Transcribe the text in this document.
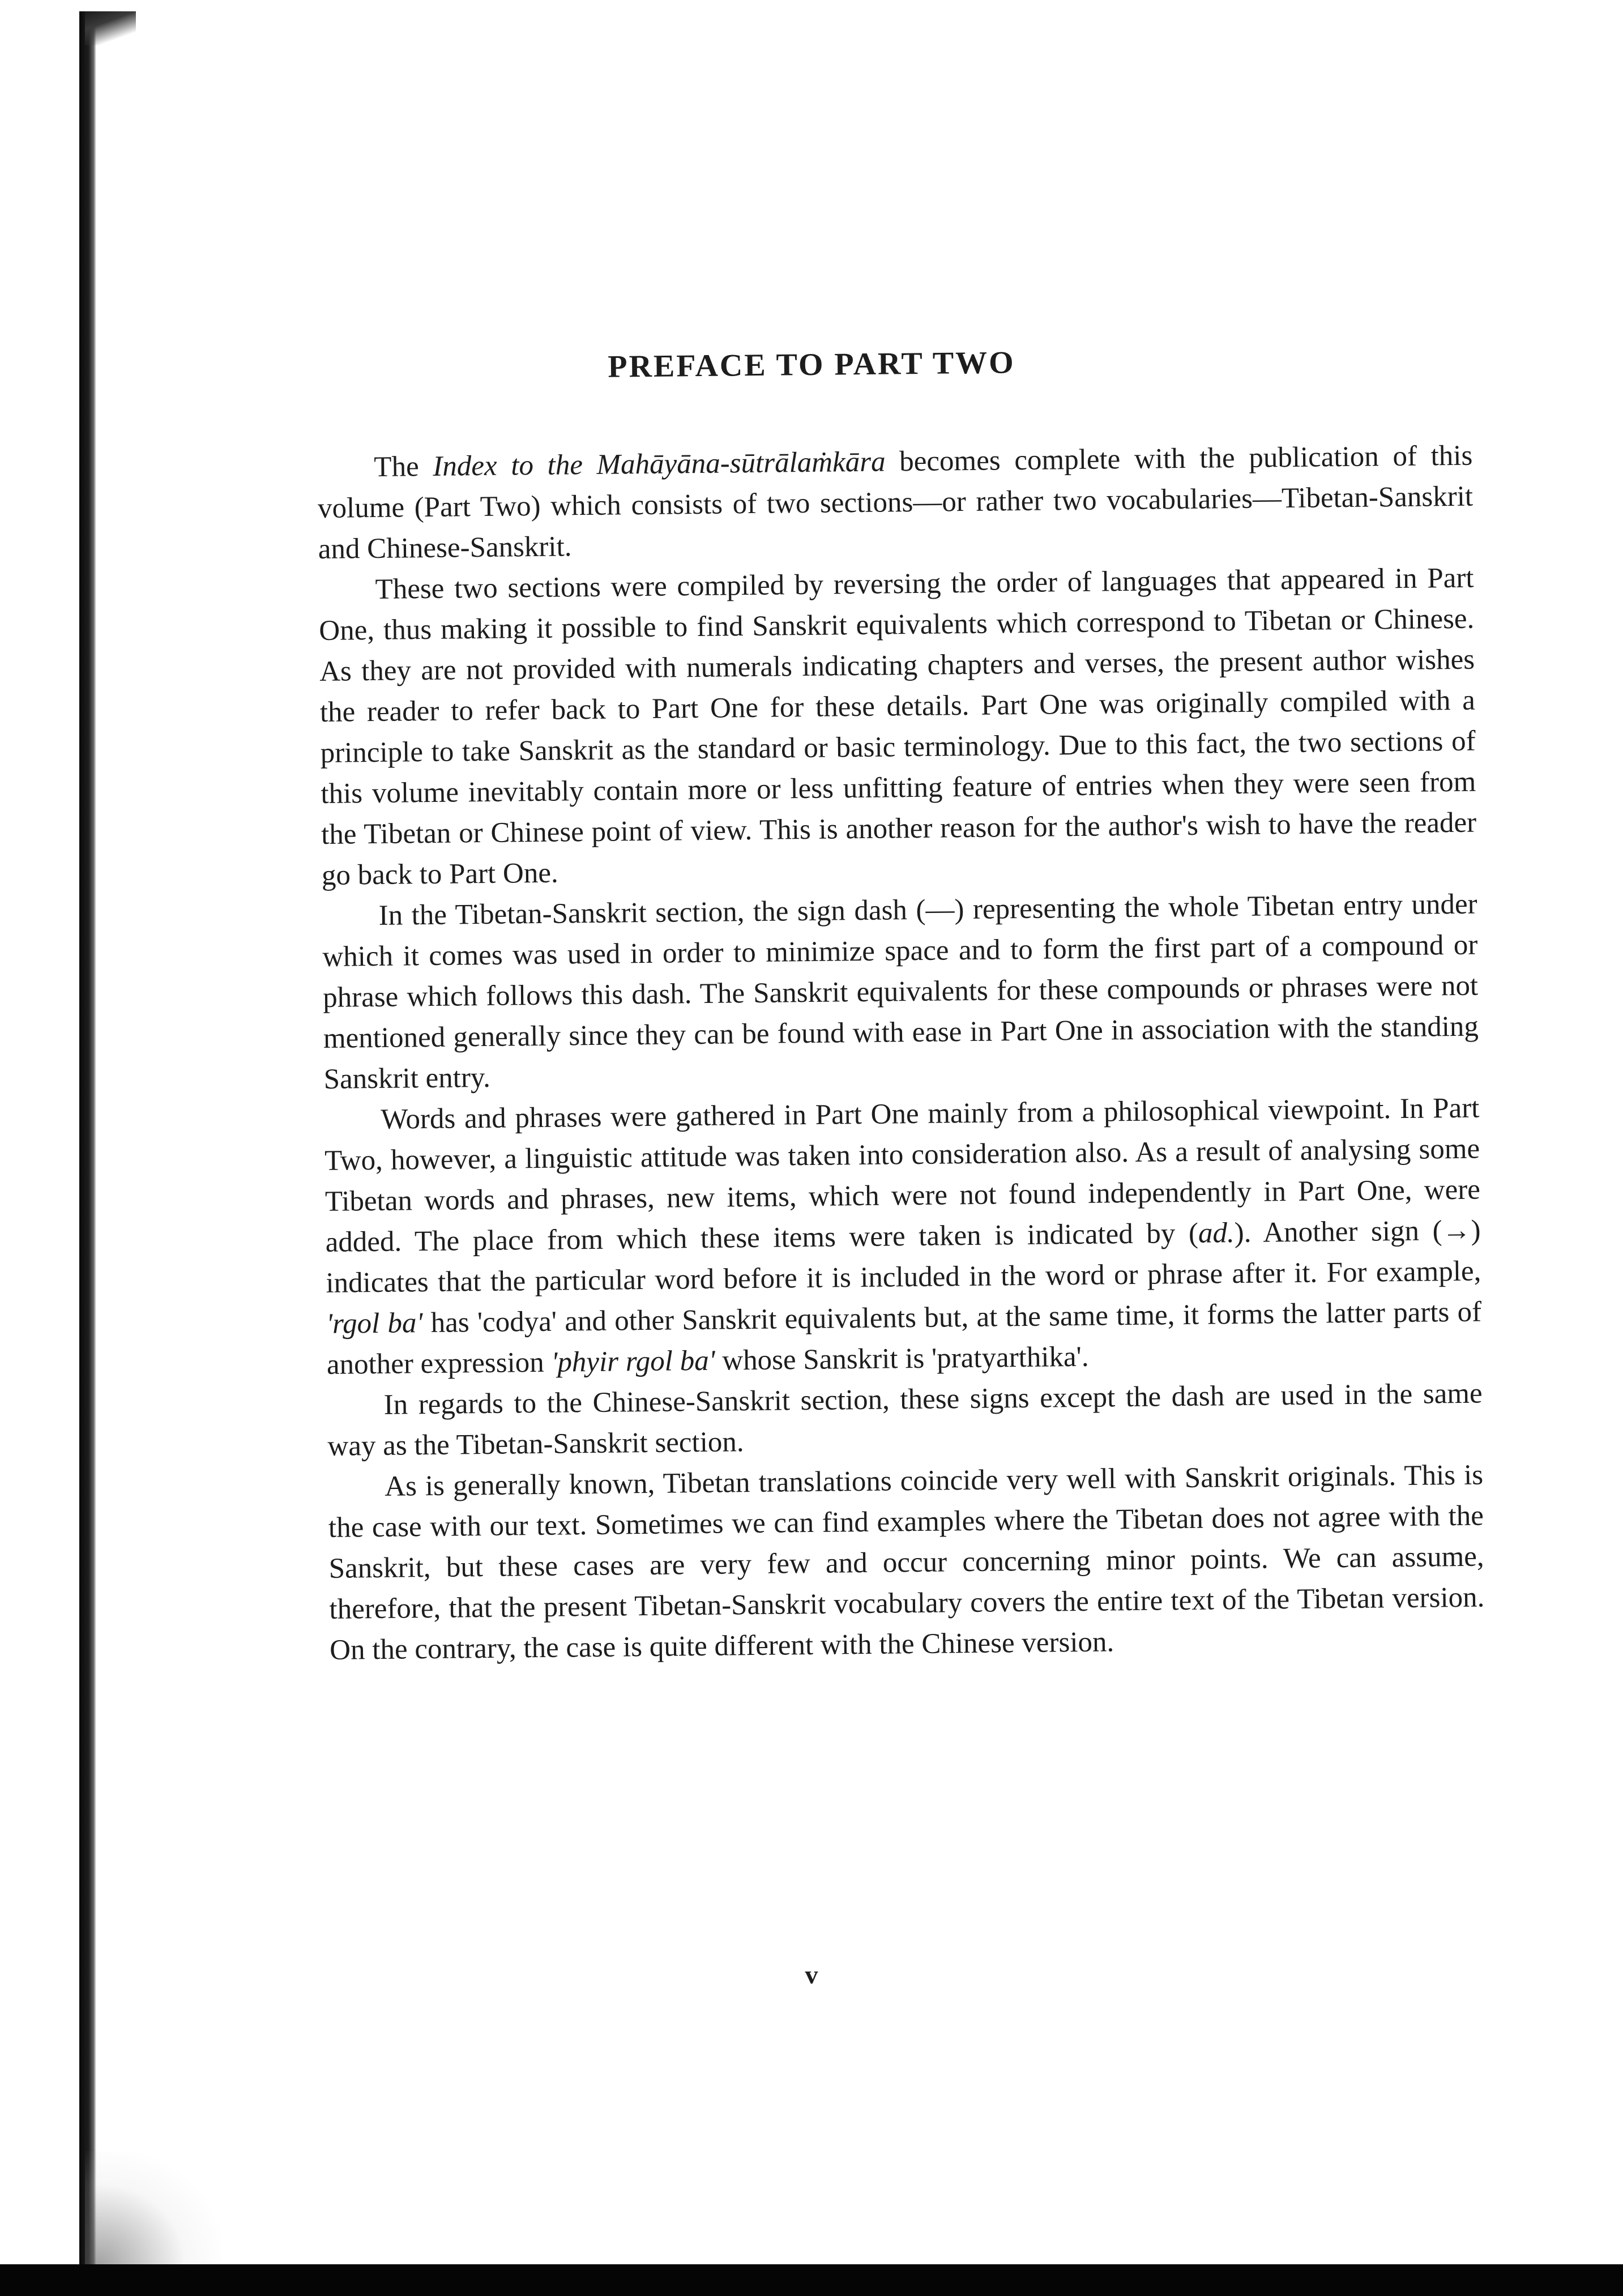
PREFACE TO PART TWO

The Index to the Mahāyāna-sūtrālaṁkāra becomes complete with the publication of this volume (Part Two) which consists of two sections—or rather two vocabularies—Tibetan-Sanskrit and Chinese-Sanskrit.

These two sections were compiled by reversing the order of languages that appeared in Part One, thus making it possible to find Sanskrit equivalents which correspond to Tibetan or Chinese. As they are not provided with numerals indicating chapters and verses, the present author wishes the reader to refer back to Part One for these details. Part One was originally compiled with a principle to take Sanskrit as the standard or basic terminology. Due to this fact, the two sections of this volume inevitably contain more or less unfitting feature of entries when they were seen from the Tibetan or Chinese point of view. This is another reason for the author's wish to have the reader go back to Part One.

In the Tibetan-Sanskrit section, the sign dash (—) representing the whole Tibetan entry under which it comes was used in order to minimize space and to form the first part of a compound or phrase which follows this dash. The Sanskrit equivalents for these compounds or phrases were not mentioned generally since they can be found with ease in Part One in association with the standing Sanskrit entry.

Words and phrases were gathered in Part One mainly from a philosophical viewpoint. In Part Two, however, a linguistic attitude was taken into consideration also. As a result of analysing some Tibetan words and phrases, new items, which were not found independently in Part One, were added. The place from which these items were taken is indicated by (ad.). Another sign (→) indicates that the particular word before it is included in the word or phrase after it. For example, 'rgol ba' has 'codya' and other Sanskrit equivalents but, at the same time, it forms the latter parts of another expression 'phyir rgol ba' whose Sanskrit is 'pratyarthika'.

In regards to the Chinese-Sanskrit section, these signs except the dash are used in the same way as the Tibetan-Sanskrit section.

As is generally known, Tibetan translations coincide very well with Sanskrit originals. This is the case with our text. Sometimes we can find examples where the Tibetan does not agree with the Sanskrit, but these cases are very few and occur concerning minor points. We can assume, therefore, that the present Tibetan-Sanskrit vocabulary covers the entire text of the Tibetan version. On the contrary, the case is quite different with the Chinese version.

v
